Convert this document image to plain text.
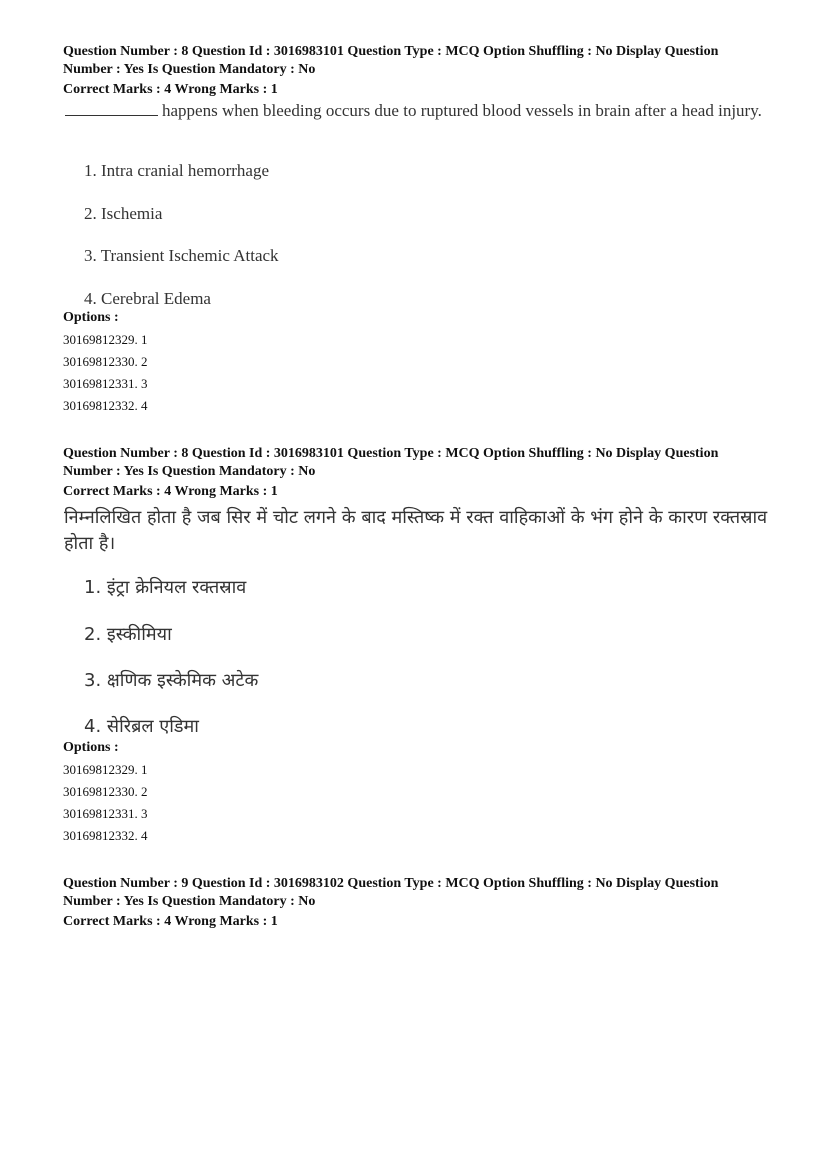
Question Number : 8 Question Id : 3016983101 Question Type : MCQ Option Shuffling : No Display Question
Number : Yes Is Question Mandatory : No
Correct Marks : 4 Wrong Marks : 1
happens when bleeding occurs due to ruptured blood vessels in brain after a head injury.
1. Intra cranial hemorrhage
2. Ischemia
3. Transient Ischemic Attack
4. Cerebral Edema
Options :
30169812329. 1
30169812330. 2
30169812331. 3
30169812332. 4
Question Number : 8 Question Id : 3016983101 Question Type : MCQ Option Shuffling : No Display Question
Number : Yes Is Question Mandatory : No
Correct Marks : 4 Wrong Marks : 1
निम्नलिखित होता है जब सिर में चोट लगने के बाद मस्तिष्क में रक्त वाहिकाओं के भंग होने के कारण रक्तस्राव होता है।
1. इंट्रा क्रेनियल रक्तस्राव
2. इस्कीमिया
3. क्षणिक इस्केमिक अटेक
4. सेरिब्रल एडिमा
Options :
30169812329. 1
30169812330. 2
30169812331. 3
30169812332. 4
Question Number : 9 Question Id : 3016983102 Question Type : MCQ Option Shuffling : No Display Question
Number : Yes Is Question Mandatory : No
Correct Marks : 4 Wrong Marks : 1
